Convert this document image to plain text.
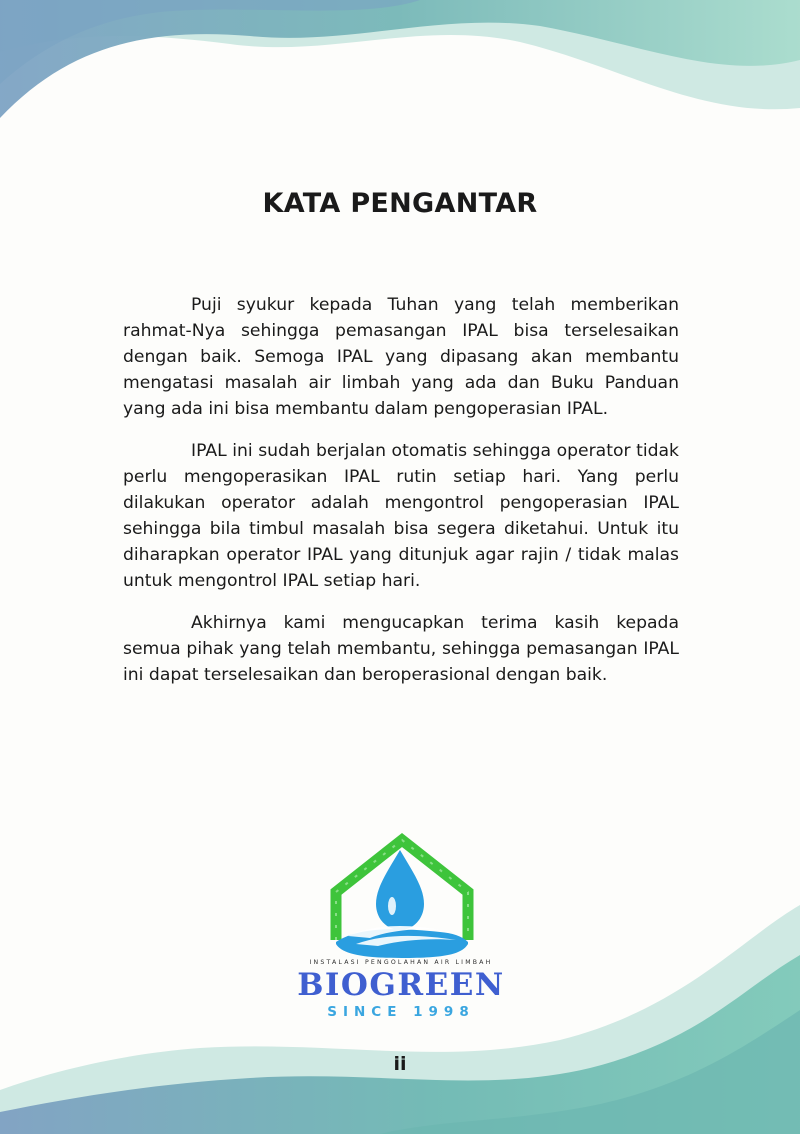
KATA PENGANTAR

Puji syukur kepada Tuhan yang telah memberikan rahmat-Nya sehingga pemasangan IPAL bisa terselesaikan dengan baik. Semoga IPAL yang dipasang akan membantu mengatasi masalah air limbah yang ada dan Buku Panduan yang ada ini bisa membantu dalam pengoperasian IPAL.

IPAL ini sudah berjalan otomatis sehingga operator tidak perlu mengoperasikan IPAL rutin setiap hari. Yang perlu dilakukan operator adalah mengontrol pengoperasian IPAL sehingga bila timbul masalah bisa segera diketahui. Untuk itu diharapkan operator IPAL yang ditunjuk agar rajin / tidak malas untuk mengontrol IPAL setiap hari.

Akhirnya kami mengucapkan terima kasih kepada semua pihak yang telah membantu, sehingga pemasangan IPAL ini dapat terselesaikan dan beroperasional dengan baik.

INSTALASI PENGOLAHAN AIR LIMBAH
BIOGREEN
SINCE 1998
ii
